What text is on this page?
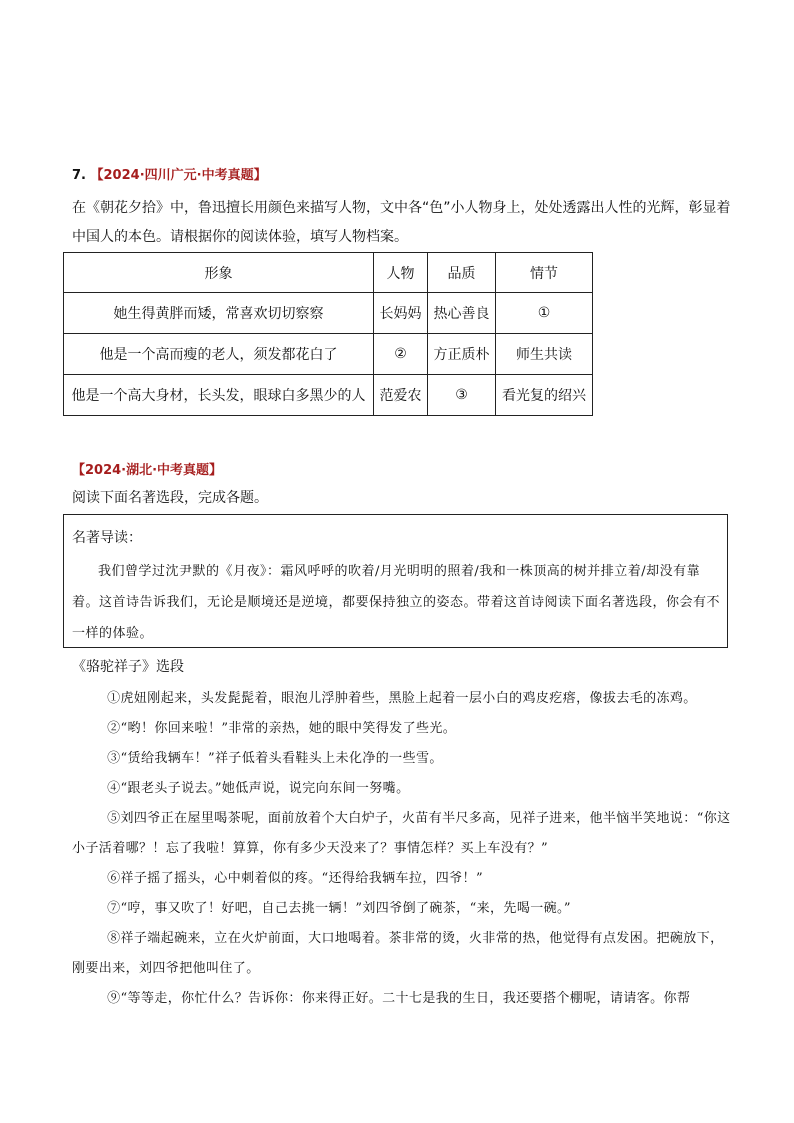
7. 【2024·四川广元·中考真题】
在《朝花夕拾》中，鲁迅擅长用颜色来描写人物，文中各“色”小人物身上，处处透露出人性的光辉，彰显着中国人的本色。请根据你的阅读体验，填写人物档案。
形象	人物	品质	情节
她生得黄胖而矮，常喜欢切切察察	长妈妈	热心善良	①
他是一个高而瘦的老人，须发都花白了	②	方正质朴	师生共读
他是一个高大身材，长头发，眼球白多黑少的人	范爱农	③	看光复的绍兴
【2024·湖北·中考真题】
阅读下面名著选段，完成各题。
名著导读：
我们曾学过沈尹默的《月夜》：霜风呼呼的吹着/月光明明的照着/我和一株顶高的树并排立着/却没有靠着。这首诗告诉我们，无论是顺境还是逆境，都要保持独立的姿态。带着这首诗阅读下面名著选段，你会有不一样的体验。
《骆驼祥子》选段

①虎妞刚起来，头发髭髭着，眼泡儿浮肿着些，黑脸上起着一层小白的鸡皮疙瘩，像拔去毛的冻鸡。

②“哟！你回来啦！”非常的亲热，她的眼中笑得发了些光。

③“赁给我辆车！”祥子低着头看鞋头上未化净的一些雪。

④“跟老头子说去。”她低声说，说完向东间一努嘴。

⑤刘四爷正在屋里喝茶呢，面前放着个大白炉子，火苗有半尺多高，见祥子进来，他半恼半笑地说：“你这小子活着哪？！忘了我啦！算算，你有多少天没来了？事情怎样？买上车没有？”

⑥祥子摇了摇头，心中刺着似的疼。“还得给我辆车拉，四爷！”

⑦“哼，事又吹了！好吧，自己去挑一辆！”刘四爷倒了碗茶，“来，先喝一碗。”

⑧祥子端起碗来，立在火炉前面，大口地喝着。茶非常的烫，火非常的热，他觉得有点发困。把碗放下，刚要出来，刘四爷把他叫住了。

⑨“等等走，你忙什么？告诉你：你来得正好。二十七是我的生日，我还要搭个棚呢，请请客。你帮
